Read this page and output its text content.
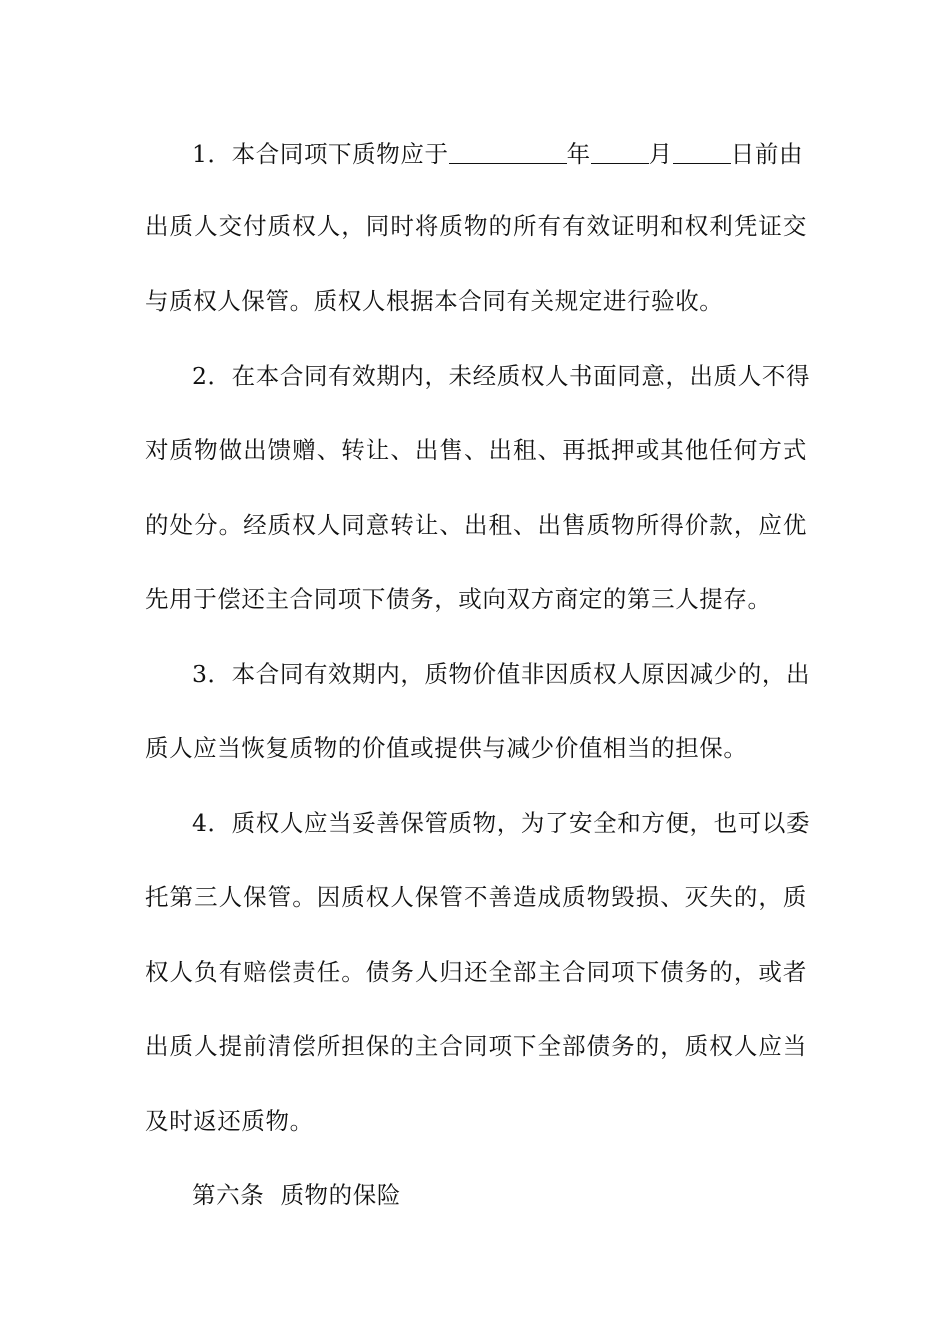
1．本合同项下质物应于	年 月 日前由
出质人交付质权人，同时将质物的所有有效证明和权利凭证交
与质权人保管。质权人根据本合同有关规定进行验收。
2．在本合同有效期内，未经质权人书面同意，出质人不得
对质物做出馈赠、转让、出售、出租、再抵押或其他任何方式
的处分。经质权人同意转让、出租、出售质物所得价款，应优
先用于偿还主合同项下债务，或向双方商定的第三人提存。
3．本合同有效期内，质物价值非因质权人原因减少的，出
质人应当恢复质物的价值或提供与减少价值相当的担保。
4．质权人应当妥善保管质物，为了安全和方便，也可以委
托第三人保管。因质权人保管不善造成质物毁损、灭失的，质
权人负有赔偿责任。债务人归还全部主合同项下债务的，或者
出质人提前清偿所担保的主合同项下全部债务的，质权人应当
及时返还质物。
第六条  质物的保险
